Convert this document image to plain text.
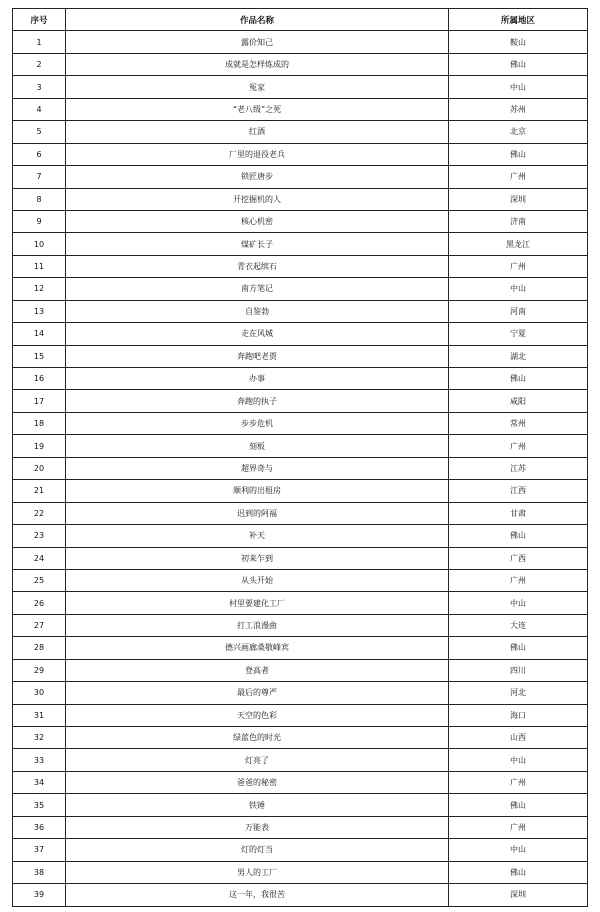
序号	作品名称	所属地区
1	露价知己	鞍山
2	成就是怎样炼成的	佛山
3	冤家	中山
4	“老八级”之死	苏州
5	红酒	北京
6	厂里的退役老兵	佛山
7	锁匠唐步	广州
8	开挖掘机的人	深圳
9	核心机密	济南
10	煤矿长子	黑龙江
11	青衣起缤石	广州
12	南方笔记	中山
13	自鉴勃	河南
14	走在风城	宁夏
15	奔跑吧老贾	湖北
16	办事	佛山
17	奔跑的执子	咸阳
18	步步危机	常州
19	刻板	广州
20	超界奇与	江苏
21	顺利的出租房	江西
22	迟到的阿福	甘肃
23	补天	佛山
24	初来乍到	广西
25	从头开始	广州
26	村里要建化工厂	中山
27	打工浪漫曲	大连
28	德兴画廊桑敬峰宾	佛山
29	登高者	四川
30	最后的尊严	河北
31	天空的色彩	海口
32	绿蓝色的时光	山西
33	灯亮了	中山
34	爸爸的秘密	广州
35	铁锤	佛山
36	万能表	广州
37	灯的灯当	中山
38	男人的工厂	佛山
39	这一年，我很苦	深圳
